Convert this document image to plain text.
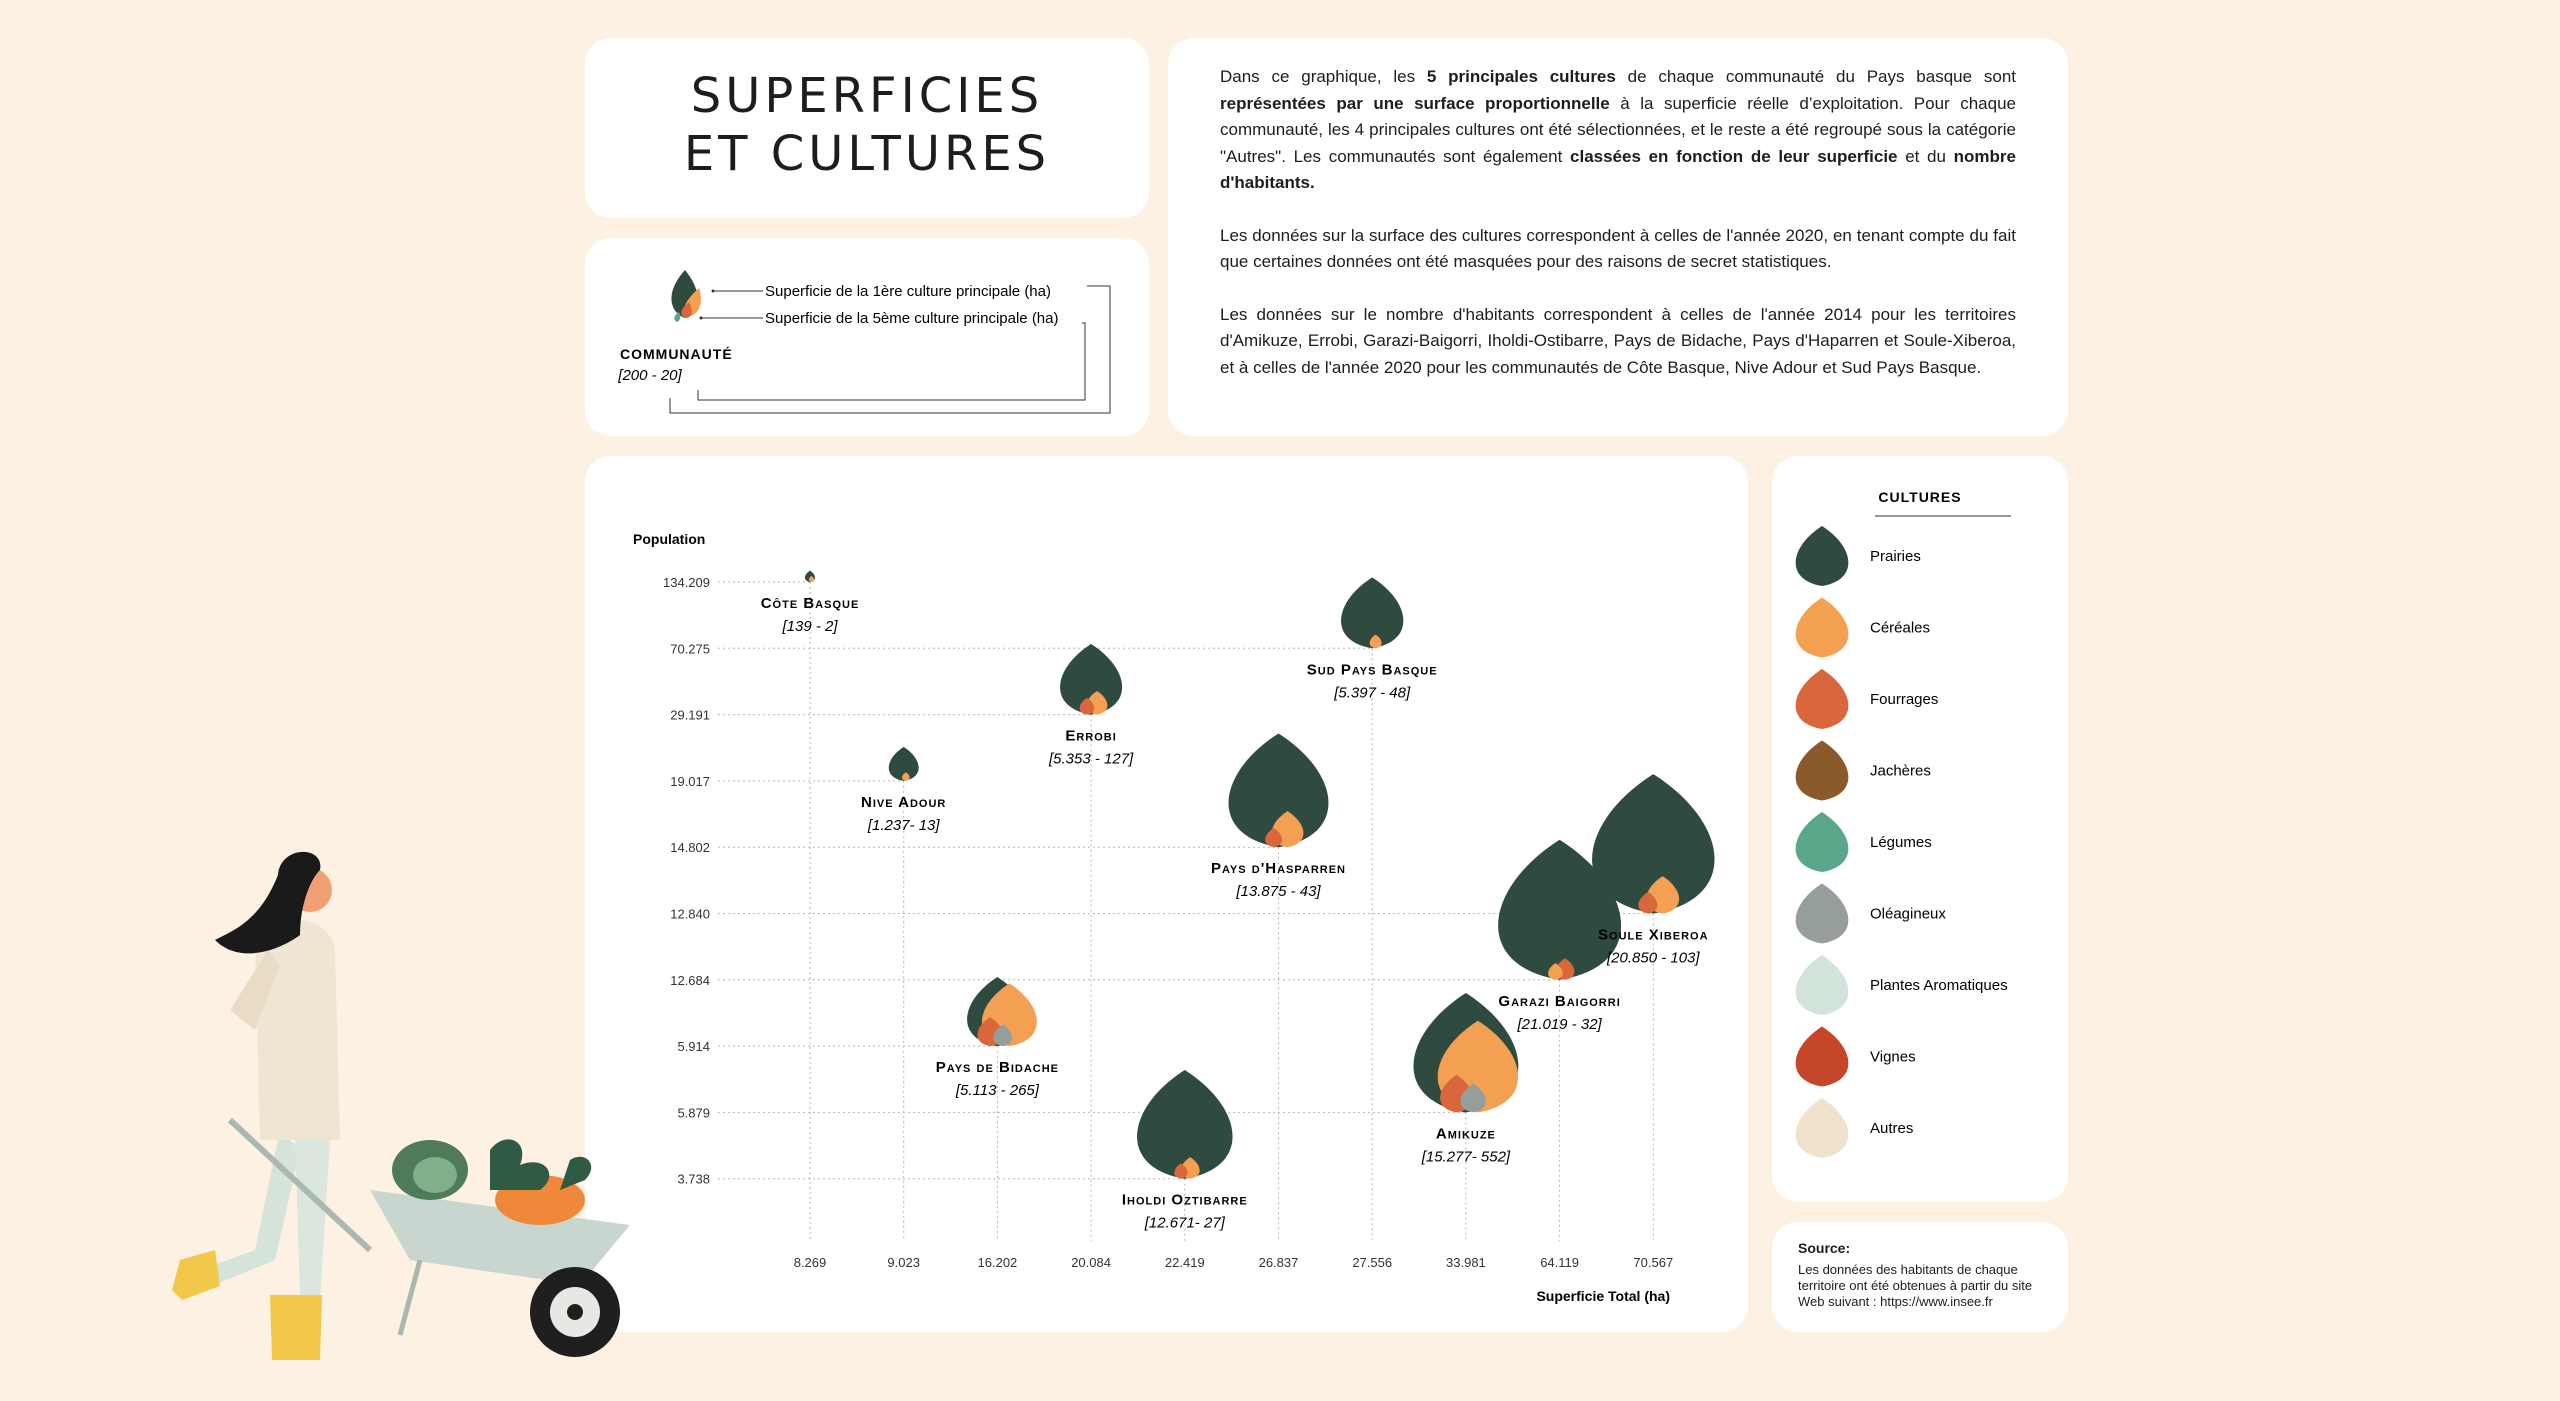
SUPERFICIES
ET CULTURES

Dans ce graphique, les 5 principales cultures de chaque communauté du Pays basque sont représentées par une surface proportionnelle à la superficie réelle d’exploitation. Pour chaque communauté, les 4 principales cultures ont été sélectionnées, et le reste a été regroupé sous la catégorie "Autres". Les communautés sont également classées en fonction de leur superficie et du nombre d'habitants.

Les données sur la surface des cultures correspondent à celles de l'année 2020, en tenant compte du fait que certaines données ont été masquées pour des raisons de secret statistiques.

Les données sur le nombre d'habitants correspondent à celles de l'année 2014 pour les territoires d'Amikuze, Errobi, Garazi-Baigorri, Iholdi-Ostibarre, Pays de Bidache, Pays d'Haparren et Soule-Xiberoa, et à celles de l'année 2020 pour les communautés de Côte Basque, Nive Adour et Sud Pays Basque.

Superficie de la 1ère culture principale (ha)
Superficie de la 5ème culture principale (ha)
COMMUNAUTÉ
[200 - 20]
Population
Superficie Total (ha)
8.269	9.023	16.202	20.084	22.419	26.837	27.556	33.981	64.119	70.567
134.209
70.275
29.191
19.017
14.802
12.840
12.684
5.914
5.879
3.738
Côte Basque
[139 - 2]
Nive Adour
[1.237- 13]
Pays de Bidache
[5.113 - 265]
Errobi
[5.353 - 127]
Iholdi Oztibarre
[12.671- 27]
Pays d'Hasparren
[13.875 - 43]
Sud Pays Basque
[5.397 - 48]
Amikuze
[15.277- 552]
Garazi Baigorri
[21.019 - 32]
Soule Xiberoa
[20.850 - 103]
CULTURES
Prairies
Céréales
Fourrages
Jachères
Légumes
Oléagineux
Plantes Aromatiques
Vignes
Autres
Source:
Les données des habitants de chaque territoire ont été obtenues à partir du site Web suivant : https://www.insee.fr
